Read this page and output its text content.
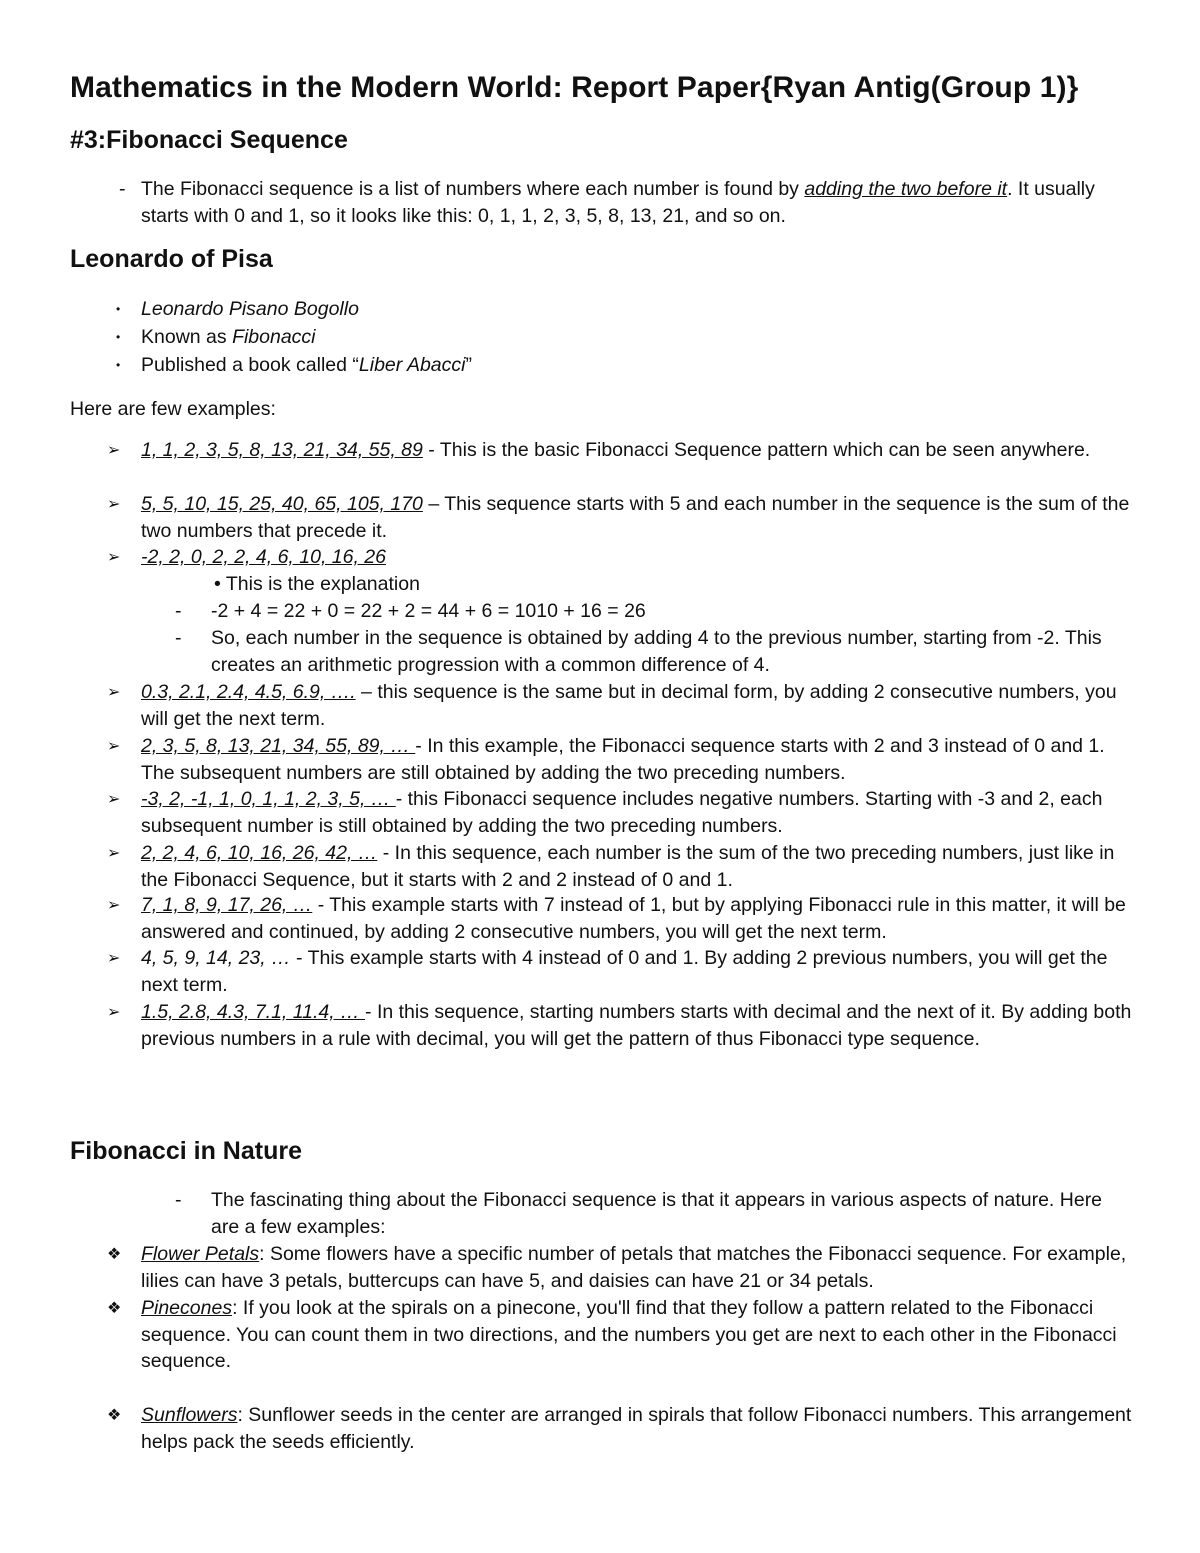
Mathematics in the Modern World: Report Paper{Ryan Antig(Group 1)}
#3:Fibonacci Sequence
- The Fibonacci sequence is a list of numbers where each number is found by adding the two before it. It usually starts with 0 and 1, so it looks like this: 0, 1, 1, 2, 3, 5, 8, 13, 21, and so on.
Leonardo of Pisa
• Leonardo Pisano Bogollo
• Known as Fibonacci
• Published a book called “Liber Abacci”
Here are few examples:
➢ 1, 1, 2, 3, 5, 8, 13, 21, 34, 55, 89 - This is the basic Fibonacci Sequence pattern which can be seen anywhere.
➢ 5, 5, 10, 15, 25, 40, 65, 105, 170 – This sequence starts with 5 and each number in the sequence is the sum of the two numbers that precede it.
➢ -2, 2, 0, 2, 2, 4, 6, 10, 16, 26
• This is the explanation
- -2 + 4 = 22 + 0 = 22 + 2 = 44 + 6 = 1010 + 16 = 26
- So, each number in the sequence is obtained by adding 4 to the previous number, starting from -2. This creates an arithmetic progression with a common difference of 4.
➢ 0.3, 2.1, 2.4, 4.5, 6.9, …. – this sequence is the same but in decimal form, by adding 2 consecutive numbers, you will get the next term.
➢ 2, 3, 5, 8, 13, 21, 34, 55, 89, … - In this example, the Fibonacci sequence starts with 2 and 3 instead of 0 and 1. The subsequent numbers are still obtained by adding the two preceding numbers.
➢ -3, 2, -1, 1, 0, 1, 1, 2, 3, 5, … - this Fibonacci sequence includes negative numbers. Starting with -3 and 2, each subsequent number is still obtained by adding the two preceding numbers.
➢ 2, 2, 4, 6, 10, 16, 26, 42, … - In this sequence, each number is the sum of the two preceding numbers, just like in the Fibonacci Sequence, but it starts with 2 and 2 instead of 0 and 1.
➢ 7, 1, 8, 9, 17, 26, … - This example starts with 7 instead of 1, but by applying Fibonacci rule in this matter, it will be answered and continued, by adding 2 consecutive numbers, you will get the next term.
➢ 4, 5, 9, 14, 23, … - This example starts with 4 instead of 0 and 1. By adding 2 previous numbers, you will get the next term.
➢ 1.5, 2.8, 4.3, 7.1, 11.4, … - In this sequence, starting numbers starts with decimal and the next of it. By adding both previous numbers in a rule with decimal, you will get the pattern of thus Fibonacci type sequence.
Fibonacci in Nature
- The fascinating thing about the Fibonacci sequence is that it appears in various aspects of nature. Here are a few examples:
❖ Flower Petals: Some flowers have a specific number of petals that matches the Fibonacci sequence. For example, lilies can have 3 petals, buttercups can have 5, and daisies can have 21 or 34 petals.
❖ Pinecones: If you look at the spirals on a pinecone, you'll find that they follow a pattern related to the Fibonacci sequence. You can count them in two directions, and the numbers you get are next to each other in the Fibonacci sequence.
❖ Sunflowers: Sunflower seeds in the center are arranged in spirals that follow Fibonacci numbers. This arrangement helps pack the seeds efficiently.
